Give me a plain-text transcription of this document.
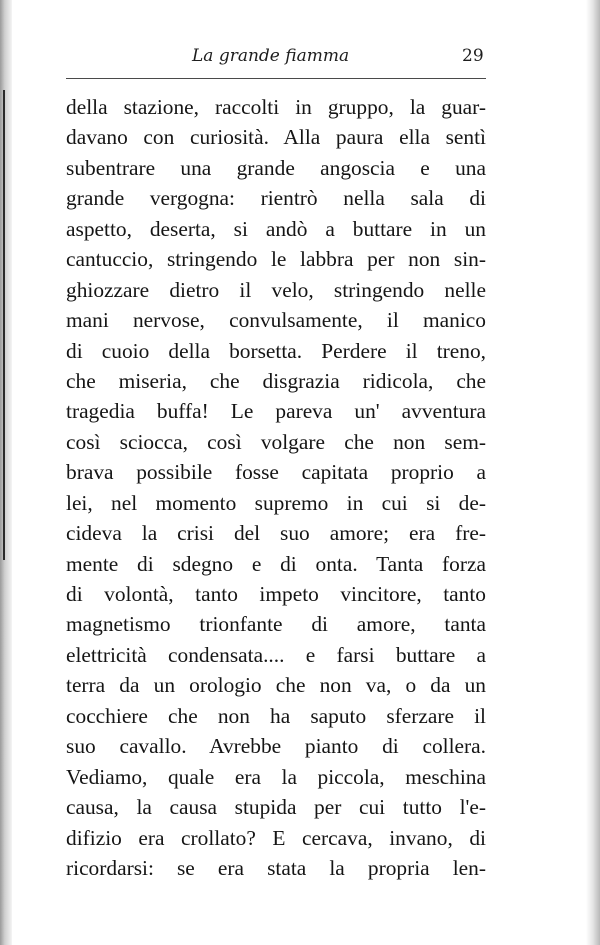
La grande fiamma	29
della stazione, raccolti in gruppo, la guar-
davano con curiosità. Alla paura ella sentì
subentrare una grande angoscia e una
grande vergogna: rientrò nella sala di
aspetto, deserta, si andò a buttare in un
cantuccio, stringendo le labbra per non sin-
ghiozzare dietro il velo, stringendo nelle
mani nervose, convulsamente, il manico
di cuoio della borsetta. Perdere il treno,
che miseria, che disgrazia ridicola, che
tragedia buffa! Le pareva un' avventura
così sciocca, così volgare che non sem-
brava possibile fosse capitata proprio a
lei, nel momento supremo in cui si de-
cideva la crisi del suo amore; era fre-
mente di sdegno e di onta. Tanta forza
di volontà, tanto impeto vincitore, tanto
magnetismo trionfante di amore, tanta
elettricità condensata.... e farsi buttare a
terra da un orologio che non va, o da un
cocchiere che non ha saputo sferzare il
suo cavallo. Avrebbe pianto di collera.
Vediamo, quale era la piccola, meschina
causa, la causa stupida per cui tutto l'e-
difizio era crollato? E cercava, invano, di
ricordarsi: se era stata la propria len-
